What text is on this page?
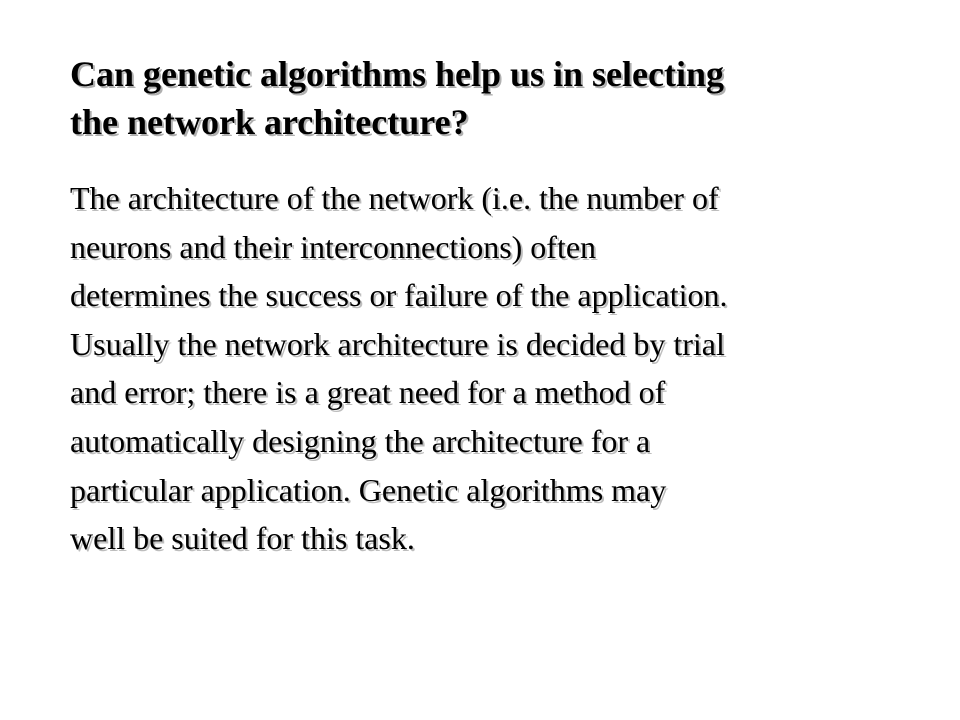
Can genetic algorithms help us in selecting
the network architecture?
The architecture of the network (i.e. the number of
neurons and their interconnections) often
determines the success or failure of the application.
Usually the network architecture is decided by trial
and error; there is a great need for a method of
automatically designing the architecture for a
particular application. Genetic algorithms may
well be suited for this task.
